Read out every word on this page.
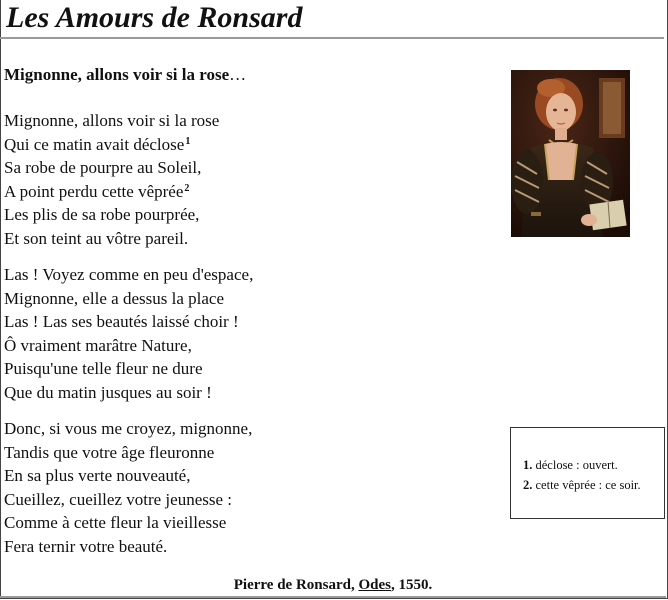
Les Amours de Ronsard
Mignonne, allons voir si la rose…
Mignonne, allons voir si la rose
Qui ce matin avait déclose$^1$
Sa robe de pourpre au Soleil,
A point perdu cette vêprée$^2$
Les plis de sa robe pourprée,
Et son teint au vôtre pareil.
Las ! Voyez comme en peu d'espace,
Mignonne, elle a dessus la place
Las ! Las ses beautés laissé choir !
Ô vraiment marâtre Nature,
Puisqu'une telle fleur ne dure
Que du matin jusques au soir !
Donc, si vous me croyez, mignonne,
Tandis que votre âge fleuronne
En sa plus verte nouveauté,
Cueillez, cueillez votre jeunesse :
Comme à cette fleur la vieillesse
Fera ternir votre beauté.
1. déclose : ouvert.
2. cette vêprée : ce soir.
Pierre de Ronsard, Odes, 1550.
